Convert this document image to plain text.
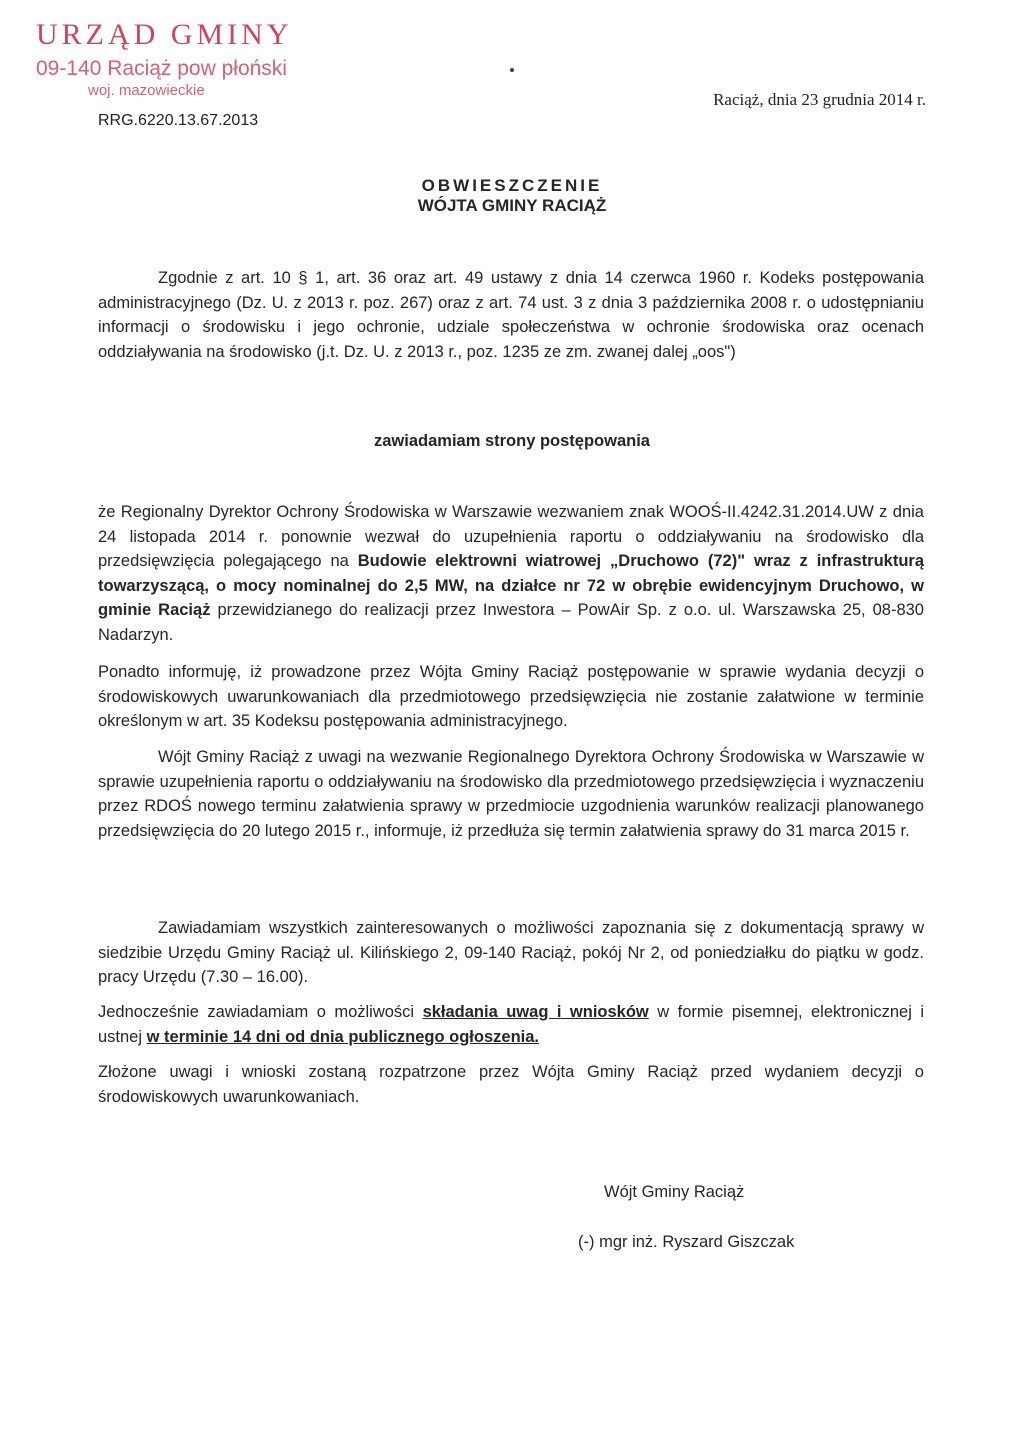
URZĄD GMINY
09-140 Raciąż pow płoński
woj. mazowieckie
RRG.6220.13.67.2013
Raciąż, dnia 23 grudnia 2014 r.
OBWIESZCZENIE
WÓJTA GMINY RACIĄŻ

Zgodnie z art. 10 § 1, art. 36 oraz art. 49 ustawy z dnia 14 czerwca 1960 r. Kodeks postępowania administracyjnego (Dz. U. z 2013 r. poz. 267) oraz z art. 74 ust. 3 z dnia 3 października 2008 r. o udostępnianiu informacji o środowisku i jego ochronie, udziale społeczeństwa w ochronie środowiska oraz ocenach oddziaływania na środowisko (j.t. Dz. U. z 2013 r., poz. 1235 ze zm. zwanej dalej „oos")

zawiadamiam strony postępowania

że Regionalny Dyrektor Ochrony Środowiska w Warszawie wezwaniem znak WOOŚ-II.4242.31.2014.UW z dnia 24 listopada 2014 r. ponownie wezwał do uzupełnienia raportu o oddziaływaniu na środowisko dla przedsięwzięcia polegającego na Budowie elektrowni wiatrowej „Druchowo (72)" wraz z infrastrukturą towarzyszącą, o mocy nominalnej do 2,5 MW, na działce nr 72 w obrębie ewidencyjnym Druchowo, w gminie Raciąż przewidzianego do realizacji przez Inwestora – PowAir Sp. z o.o. ul. Warszawska 25, 08-830 Nadarzyn.

Ponadto informuję, iż prowadzone przez Wójta Gminy Raciąż postępowanie w sprawie wydania decyzji o środowiskowych uwarunkowaniach dla przedmiotowego przedsięwzięcia nie zostanie załatwione w terminie określonym w art. 35 Kodeksu postępowania administracyjnego.

Wójt Gminy Raciąż z uwagi na wezwanie Regionalnego Dyrektora Ochrony Środowiska w Warszawie w sprawie uzupełnienia raportu o oddziaływaniu na środowisko dla przedmiotowego przedsięwzięcia i wyznaczeniu przez RDOŚ nowego terminu załatwienia sprawy w przedmiocie uzgodnienia warunków realizacji planowanego przedsięwzięcia do 20 lutego 2015 r., informuje, iż przedłuża się termin załatwienia sprawy do 31 marca 2015 r.

Zawiadamiam wszystkich zainteresowanych o możliwości zapoznania się z dokumentacją sprawy w siedzibie Urzędu Gminy Raciąż ul. Kilińskiego 2, 09-140 Raciąż, pokój Nr 2, od poniedziałku do piątku w godz. pracy Urzędu (7.30 – 16.00).

Jednocześnie zawiadamiam o możliwości składania uwag i wniosków w formie pisemnej, elektronicznej i ustnej w terminie 14 dni od dnia publicznego ogłoszenia.

Złożone uwagi i wnioski zostaną rozpatrzone przez Wójta Gminy Raciąż przed wydaniem decyzji o środowiskowych uwarunkowaniach.

Wójt Gminy Raciąż
(-) mgr inż. Ryszard Giszczak
